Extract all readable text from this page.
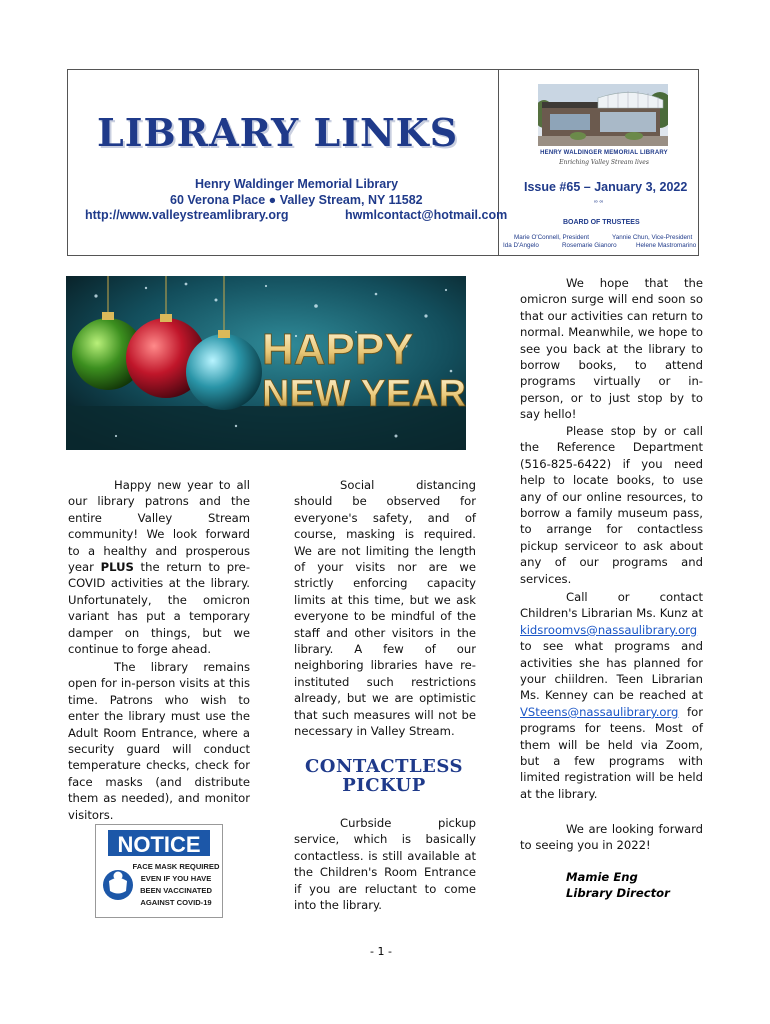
LIBRARY LINKS
Henry Waldinger Memorial Library
60 Verona Place ● Valley Stream, NY 11582
http://www.valleystreamlibrary.org	hwmlcontact@hotmail.com
HENRY WALDINGER MEMORIAL LIBRARY
Enriching Valley Stream lives
Issue #65 – January 3, 2022
∞ ∞
BOARD OF TRUSTEES
Marie O'Connell, President	Yannie Chun, Vice-President
Ida D'Angelo	Rosemarie Gianoro	Helene Mastromarino
HAPPY
NEW YEAR

Happy new year to all our library patrons and the entire Valley Stream community! We look forward to a healthy and prosperous year PLUS the return to pre-COVID activities at the library. Unfortunately, the omicron variant has put a temporary damper on things, but we continue to forge ahead.

The library remains open for in-person visits at this time. Patrons who wish to enter the library must use the Adult Room Entrance, where a security guard will conduct temperature checks, check for face masks (and distribute them as needed), and monitor visitors.

NOTICE
FACE MASK REQUIRED
EVEN IF YOU HAVE
BEEN VACCINATED
AGAINST COVID-19

Social distancing should be observed for everyone's safety, and of course, masking is required. We are not limiting the length of your visits nor are we strictly enforcing capacity limits at this time, but we ask everyone to be mindful of the staff and other visitors in the library. A few of our neighboring libraries have re-instituted such restrictions already, but we are optimistic that such measures will not be necessary in Valley Stream.

CONTACTLESS
PICKUP

Curbside pickup service, which is basically contactless. is still available at the Children's Room Entrance if you are reluctant to come into the library.

We hope that the omicron surge will end soon so that our activities can return to normal. Meanwhile, we hope to see you back at the library to borrow books, to attend programs virtually or in-person, or to just stop by to say hello!

Please stop by or call the Reference Department (516-825-6422) if you need help to locate books, to use any of our online resources, to borrow a family museum pass, to arrange for contactless pickup serviceor to ask about any of our programs and services.

Call or contact Children's Librarian Ms. Kunz at kidsroomvs@nassaulibrary.org to see what programs and activities she has planned for your chiildren. Teen Librarian Ms. Kenney can be reached at VSteens@nassaulibrary.org for programs for teens. Most of them will be held via Zoom, but a few programs with limited registration will be held at the library.

We are looking forward to seeing you in 2022!

Mamie Eng
Library Director
- 1 -
